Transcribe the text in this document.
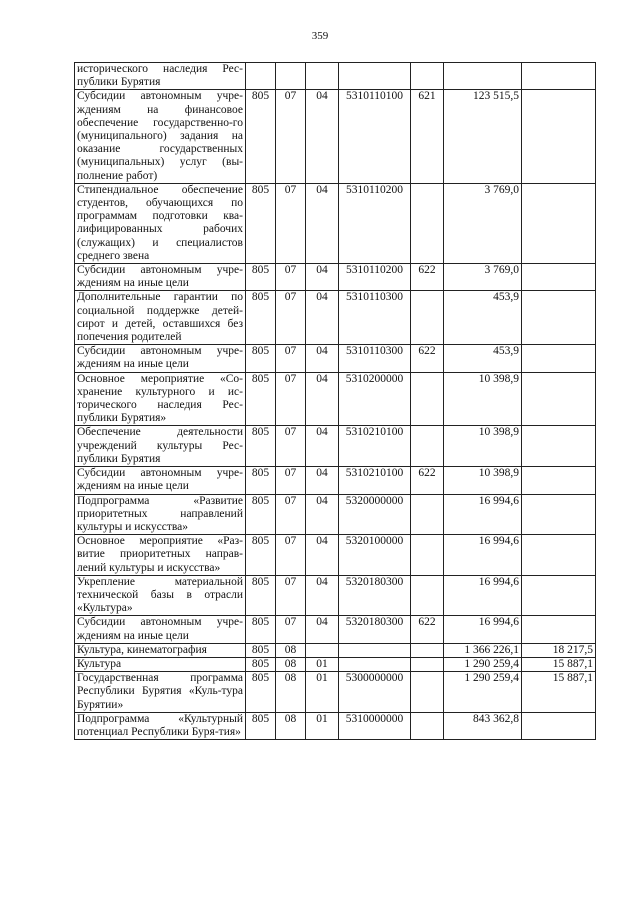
359
исторического наследия Рес-публики Бурятия							
Субсидии автономным учре-ждениям на финансовое обеспечение государственно-го (муниципального) задания на оказание государственных (муниципальных) услуг (вы-полнение работ)	805	07	04	5310110100	621	123 515,5	
Стипендиальное обеспечение студентов, обучающихся по программам подготовки ква-лифицированных рабочих (служащих) и специалистов среднего звена	805	07	04	5310110200		3 769,0	
Субсидии автономным учре-ждениям на иные цели	805	07	04	5310110200	622	3 769,0	
Дополнительные гарантии по социальной поддержке детей-сирот и детей, оставшихся без попечения родителей	805	07	04	5310110300		453,9	
Субсидии автономным учре-ждениям на иные цели	805	07	04	5310110300	622	453,9	
Основное мероприятие «Со-хранение культурного и ис-торического наследия Рес-публики Бурятия»	805	07	04	5310200000		10 398,9	
Обеспечение деятельности учреждений культуры Рес-публики Бурятия	805	07	04	5310210100		10 398,9	
Субсидии автономным учре-ждениям на иные цели	805	07	04	5310210100	622	10 398,9	
Подпрограмма «Развитие приоритетных направлений культуры и искусства»	805	07	04	5320000000		16 994,6	
Основное мероприятие «Раз-витие приоритетных направ-лений культуры и искусства»	805	07	04	5320100000		16 994,6	
Укрепление материальной технической базы в отрасли «Культура»	805	07	04	5320180300		16 994,6	
Субсидии автономным учре-ждениям на иные цели	805	07	04	5320180300	622	16 994,6	
Культура, кинематография	805	08				1 366 226,1	18 217,5
Культура	805	08	01			1 290 259,4	15 887,1
Государственная программа Республики Бурятия «Куль-тура Бурятии»	805	08	01	5300000000		1 290 259,4	15 887,1
Подпрограмма «Культурный потенциал Республики Буря-тия»	805	08	01	5310000000		843 362,8	
